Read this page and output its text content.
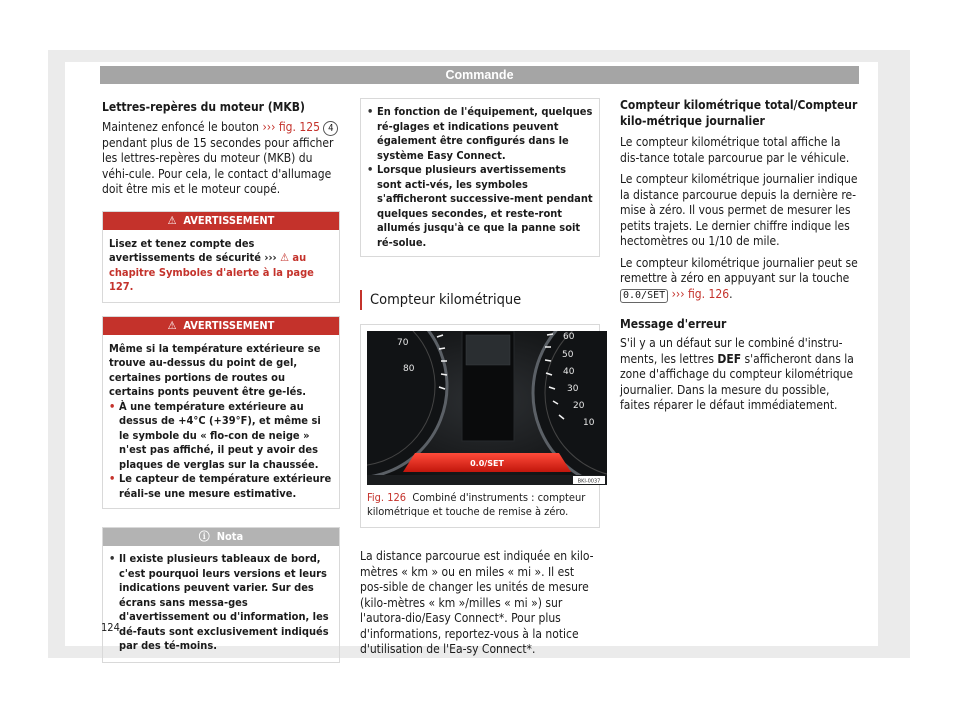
Commande

Lettres-repères du moteur (MKB)

Maintenez enfoncé le bouton ››› fig. 125 4 pendant plus de 15 secondes pour afficher les lettres-repères du moteur (MKB) du véhi-cule. Pour cela, le contact d'allumage doit être mis et le moteur coupé.

⚠ AVERTISSEMENT
Lisez et tenez compte des avertissements de sécurité ››› ⚠ au chapitre Symboles d'alerte à la page 127.
⚠ AVERTISSEMENT
Même si la température extérieure se trouve au-dessus du point de gel, certaines portions de routes ou certains ponts peuvent être ge-lés.
• À une température extérieure au dessus de +4°C (+39°F), et même si le symbole du « flo-con de neige » n'est pas affiché, il peut y avoir des plaques de verglas sur la chaussée.
• Le capteur de température extérieure réali-se une mesure estimative.
ⓘ Nota
• Il existe plusieurs tableaux de bord, c'est pourquoi leurs versions et leurs indications peuvent varier. Sur des écrans sans messa-ges d'avertissement ou d'information, les dé-fauts sont exclusivement indiqués par des té-moins.
• En fonction de l'équipement, quelques ré-glages et indications peuvent également être configurés dans le système Easy Connect.
• Lorsque plusieurs avertissements sont acti-vés, les symboles s'afficheront successive-ment pendant quelques secondes, et reste-ront allumés jusqu'à ce que la panne soit ré-solue.
Compteur kilométrique
70
80
60
50
40
30
20
10
0.0/SET
BKI-0037
Fig. 126 Combiné d'instruments : compteur kilométrique et touche de remise à zéro.
La distance parcourue est indiquée en kilo-mètres « km » ou en miles « mi ». Il est pos-sible de changer les unités de mesure (kilo-mètres « km »/milles « mi ») sur l'autora-dio/Easy Connect*. Pour plus d'informations, reportez-vous à la notice d'utilisation de l'Ea-sy Connect*.

Compteur kilométrique total/Compteur kilo-métrique journalier

Le compteur kilométrique total affiche la dis-tance totale parcourue par le véhicule.

Le compteur kilométrique journalier indique la distance parcourue depuis la dernière re-mise à zéro. Il vous permet de mesurer les petits trajets. Le dernier chiffre indique les hectomètres ou 1/10 de mile.

Le compteur kilométrique journalier peut se remettre à zéro en appuyant sur la touche 0.0/SET ››› fig. 126.

Message d'erreur

S'il y a un défaut sur le combiné d'instru-ments, les lettres DEF s'afficheront dans la zone d'affichage du compteur kilométrique journalier. Dans la mesure du possible, faites réparer le défaut immédiatement.

124
